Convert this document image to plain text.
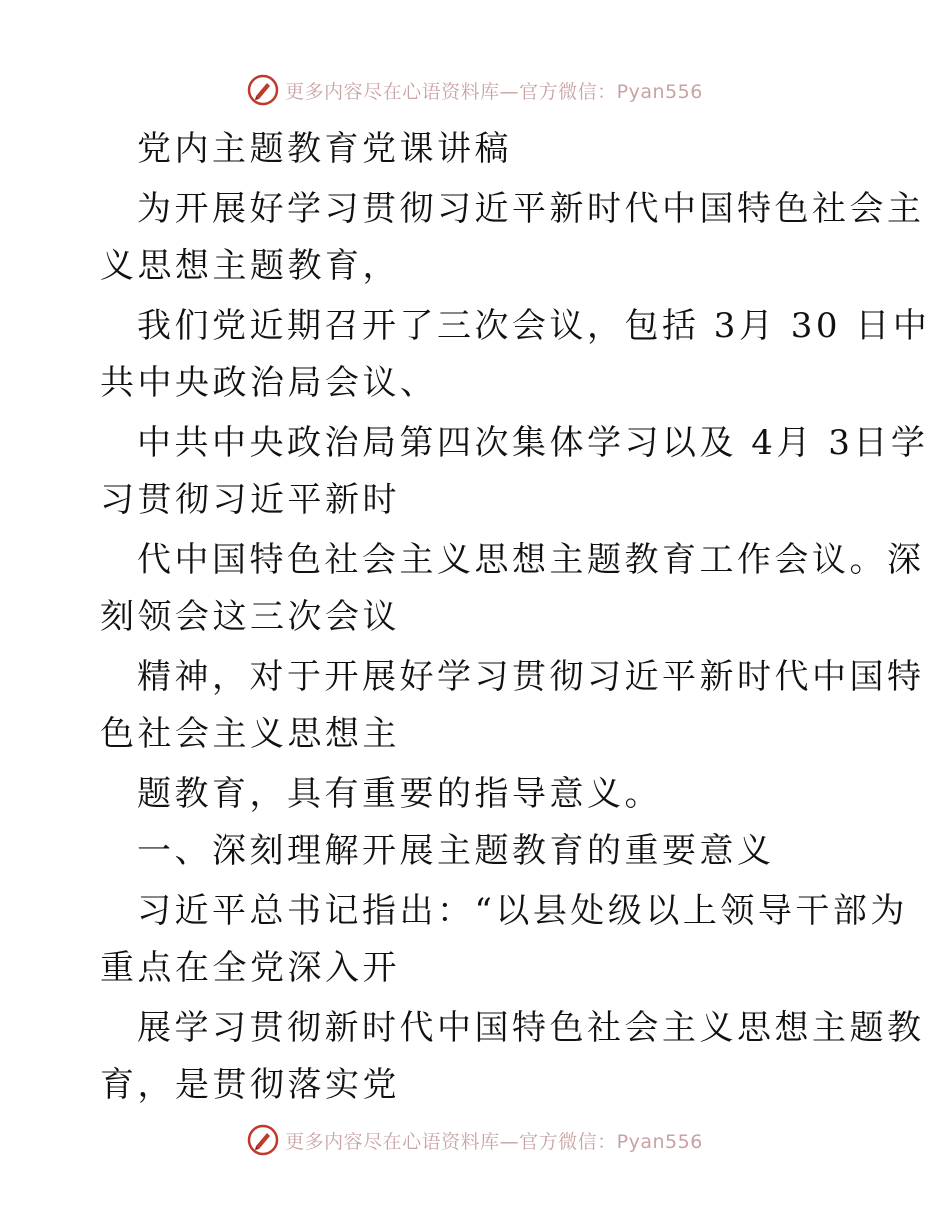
更多内容尽在心语资料库—官方微信：Pyan556
党内主题教育党课讲稿
为开展好学习贯彻习近平新时代中国特色社会主
义思想主题教育，
我们党近期召开了三次会议，包括 3月 30 日中
共中央政治局会议、
中共中央政治局第四次集体学习以及 4月 3日学
习贯彻习近平新时
代中国特色社会主义思想主题教育工作会议。深
刻领会这三次会议
精神，对于开展好学习贯彻习近平新时代中国特
色社会主义思想主
题教育，具有重要的指导意义。
一、深刻理解开展主题教育的重要意义
习近平总书记指出：“以县处级以上领导干部为
重点在全党深入开
展学习贯彻新时代中国特色社会主义思想主题教
育，是贯彻落实党
更多内容尽在心语资料库—官方微信：Pyan556
